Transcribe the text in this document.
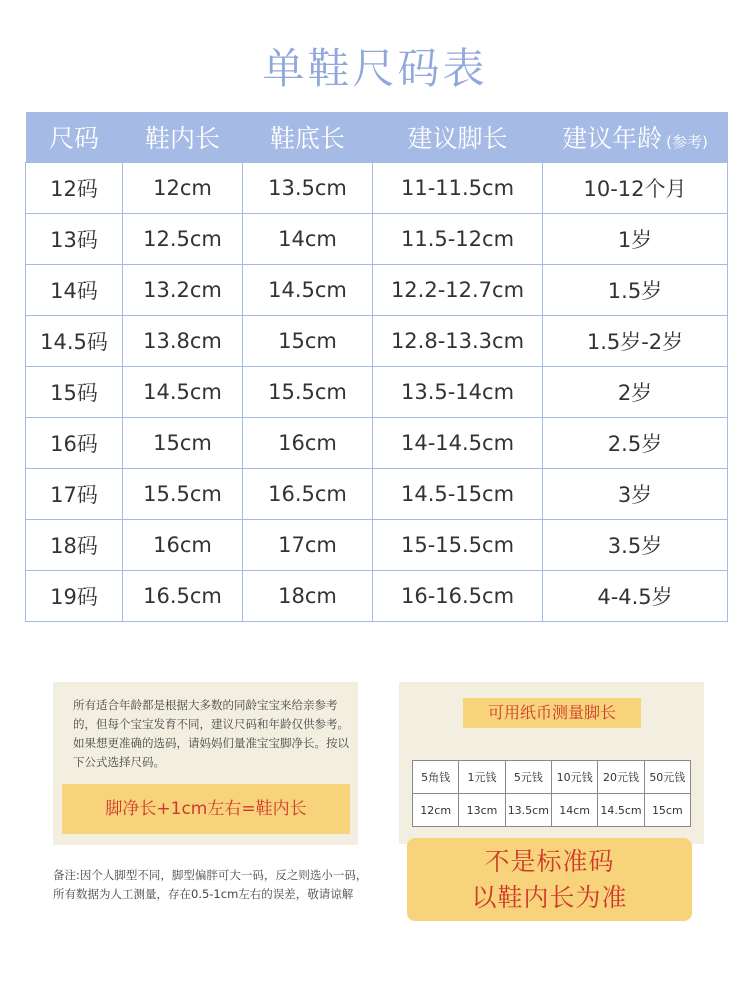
单鞋尺码表
尺码	鞋内长	鞋底长	建议脚长	建议年龄 (参考)
12码	12cm	13.5cm	11-11.5cm	10-12个月
13码	12.5cm	14cm	11.5-12cm	1岁
14码	13.2cm	14.5cm	12.2-12.7cm	1.5岁
14.5码	13.8cm	15cm	12.8-13.3cm	1.5岁-2岁
15码	14.5cm	15.5cm	13.5-14cm	2岁
16码	15cm	16cm	14-14.5cm	2.5岁
17码	15.5cm	16.5cm	14.5-15cm	3岁
18码	16cm	17cm	15-15.5cm	3.5岁
19码	16.5cm	18cm	16-16.5cm	4-4.5岁
所有适合年龄都是根据大多数的同龄宝宝来给亲参考的，但每个宝宝发育不同，建议尺码和年龄仅供参考。如果想更准确的选码，请妈妈们量准宝宝脚净长。按以下公式选择尺码。
脚净长+1cm左右=鞋内长
备注:因个人脚型不同，脚型偏胖可大一码，反之则选小一码，所有数据为人工测量，存在0.5-1cm左右的误差，敬请谅解
可用纸币测量脚长
5角钱	1元钱	5元钱	10元钱	20元钱	50元钱
12cm	13cm	13.5cm	14cm	14.5cm	15cm
不是标准码
以鞋内长为准
